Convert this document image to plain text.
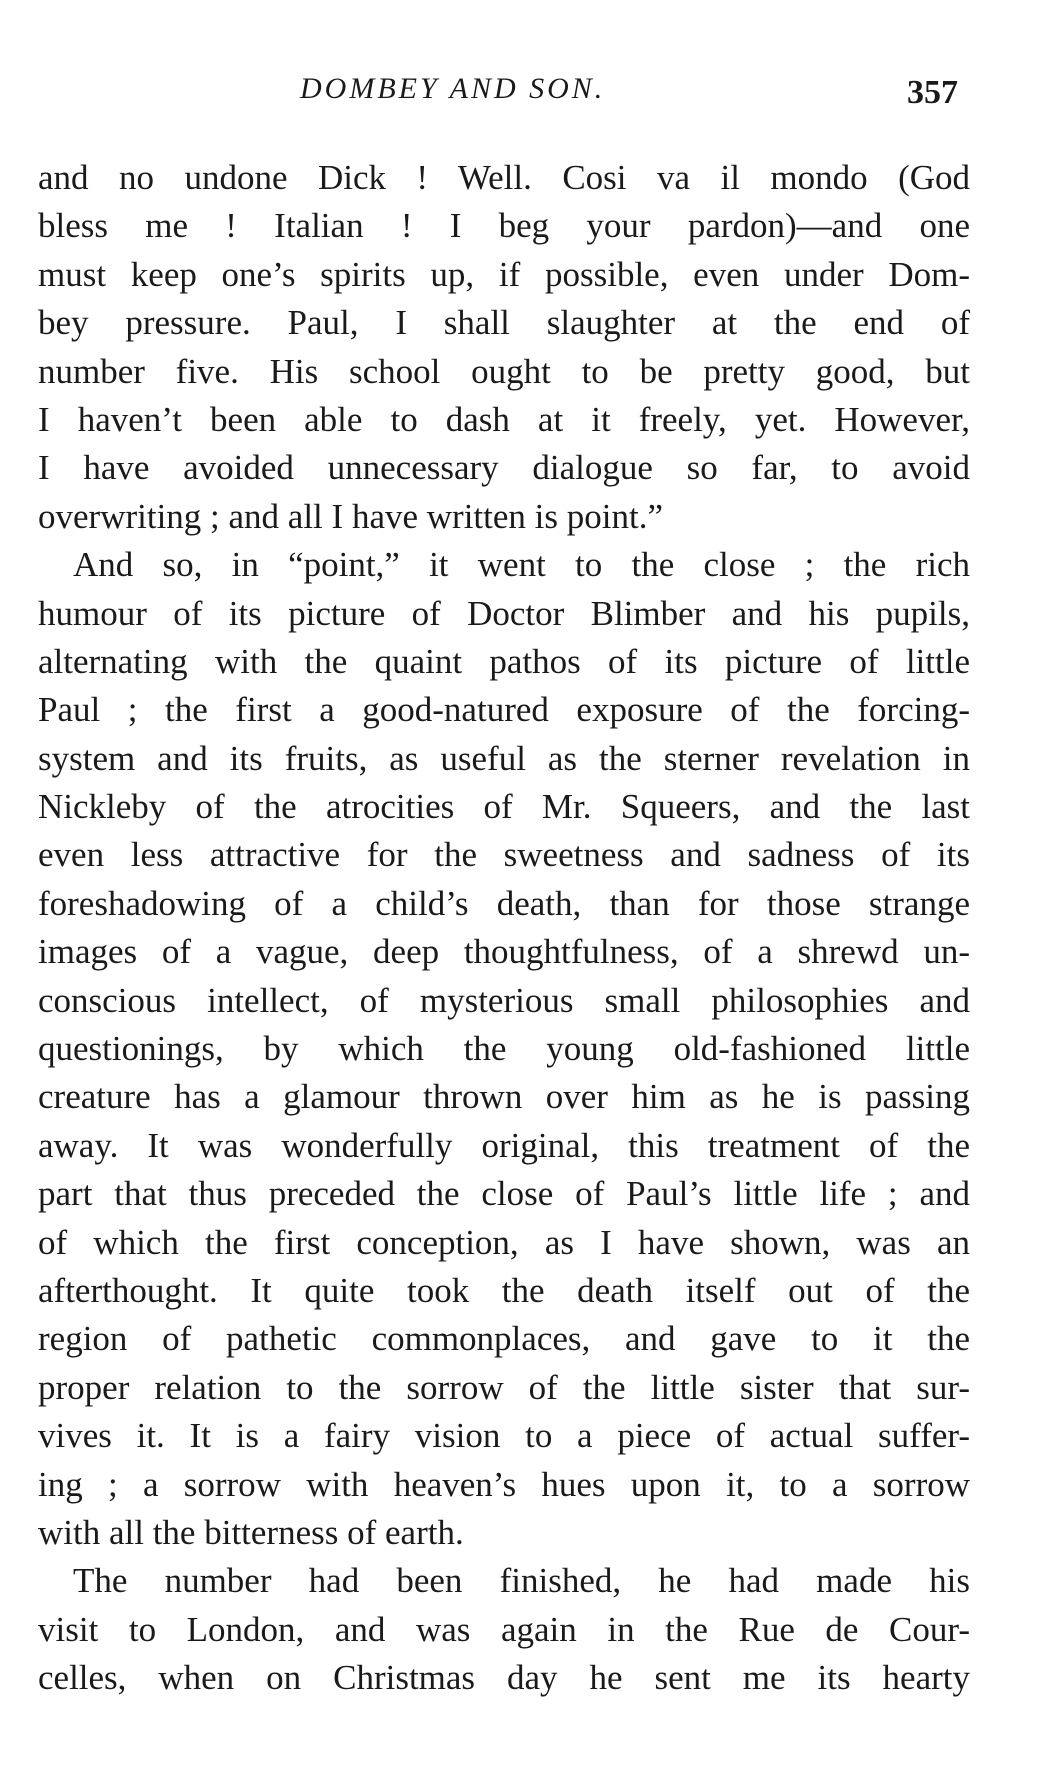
DOMBEY AND SON.	357
and no undone Dick ! Well. Cosi va il mondo (God
bless me ! Italian ! I beg your pardon)—and one
must keep one’s spirits up, if possible, even under Dom-
bey pressure. Paul, I shall slaughter at the end of
number five. His school ought to be pretty good, but
I haven’t been able to dash at it freely, yet. However,
I have avoided unnecessary dialogue so far, to avoid
overwriting ; and all I have written is point.”
And so, in “point,” it went to the close ; the rich
humour of its picture of Doctor Blimber and his pupils,
alternating with the quaint pathos of its picture of little
Paul ; the first a good-natured exposure of the forcing-
system and its fruits, as useful as the sterner revelation in
Nickleby of the atrocities of Mr. Squeers, and the last
even less attractive for the sweetness and sadness of its
foreshadowing of a child’s death, than for those strange
images of a vague, deep thoughtfulness, of a shrewd un-
conscious intellect, of mysterious small philosophies and
questionings, by which the young old-fashioned little
creature has a glamour thrown over him as he is passing
away. It was wonderfully original, this treatment of the
part that thus preceded the close of Paul’s little life ; and
of which the first conception, as I have shown, was an
afterthought. It quite took the death itself out of the
region of pathetic commonplaces, and gave to it the
proper relation to the sorrow of the little sister that sur-
vives it. It is a fairy vision to a piece of actual suffer-
ing ; a sorrow with heaven’s hues upon it, to a sorrow
with all the bitterness of earth.
The number had been finished, he had made his
visit to London, and was again in the Rue de Cour-
celles, when on Christmas day he sent me its hearty
